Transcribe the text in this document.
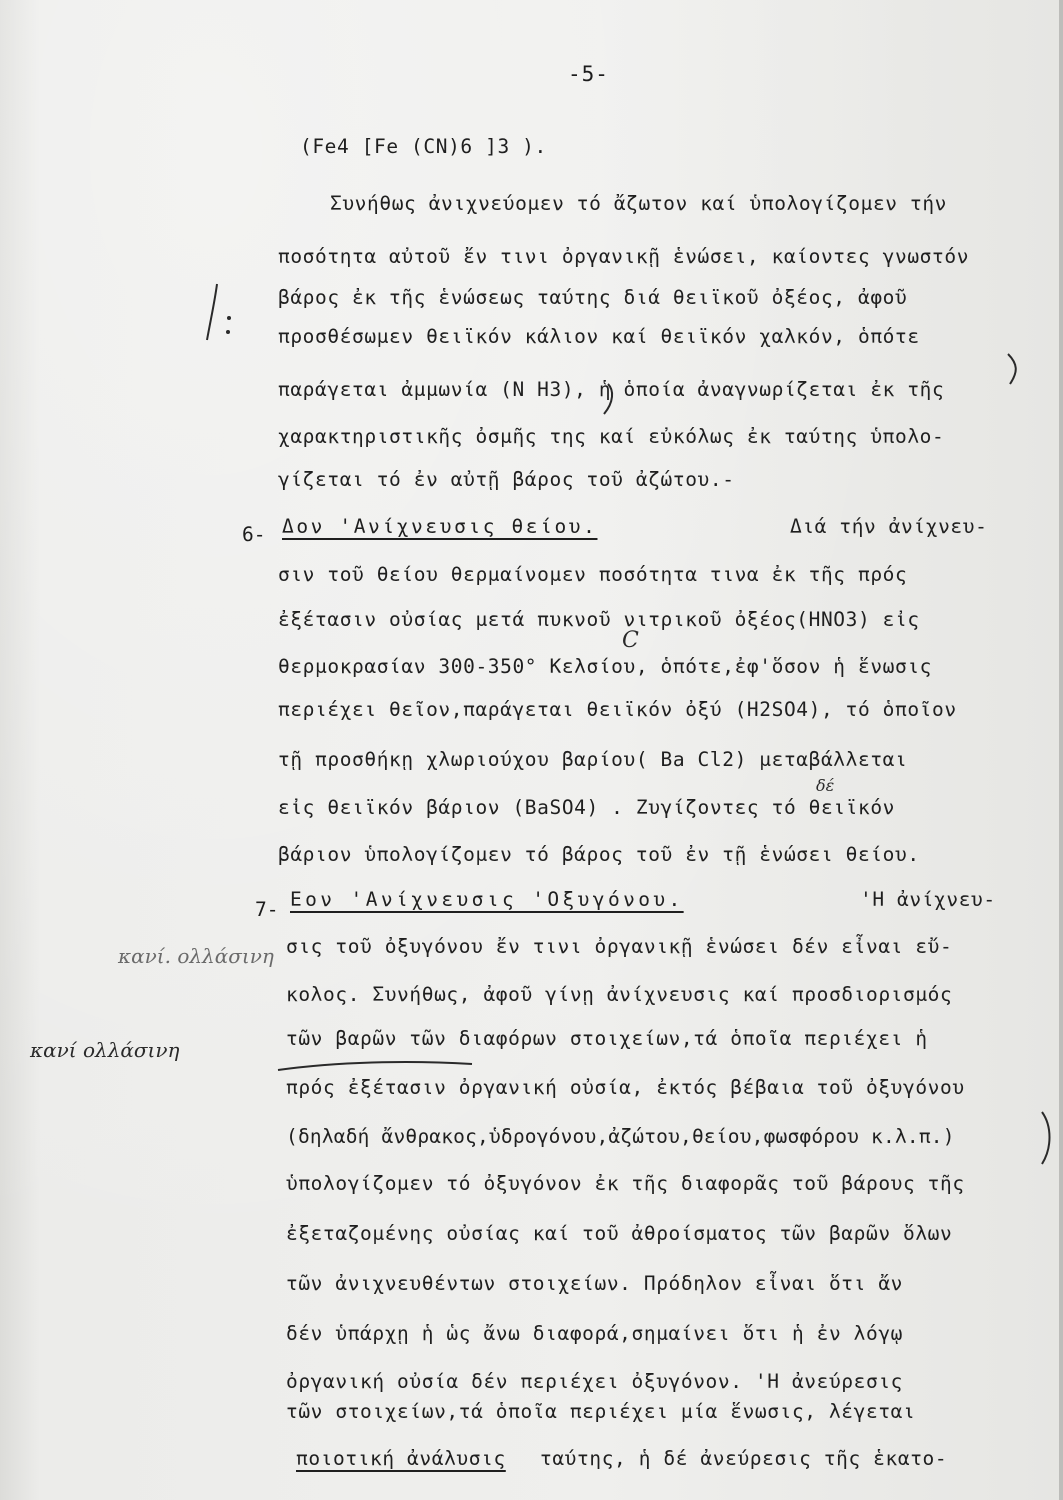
-5-
(Fe4 [Fe (CN)6 ]3 ).
Συνήθως ἀνιχνεύομεν τό ἄζωτον καί ὑπολογίζομεν τήν
ποσότητα αὐτοῦ ἔν τινι ὀργανικῇ ἑνώσει, καίοντες γνωστόν
βάρος ἐκ τῆς ἑνώσεως ταύτης διά θειϊκοῦ ὀξέος, ἀφοῦ
προσθέσωμεν θειϊκόν κάλιον καί θειϊκόν χαλκόν, ὁπότε
παράγεται ἀμμωνία (N H3), ἡ ὁποία ἀναγνωρίζεται ἐκ τῆς
χαρακτηριστικῆς ὀσμῆς της καί εὐκόλως ἐκ ταύτης ὑπολο-
γίζεται τό ἐν αὐτῇ βάρος τοῦ ἀζώτου.-
6- Δον 'Ανίχνευσις θείου.	Διά τήν ἀνίχνευ-
σιν τοῦ θείου θερμαίνομεν ποσότητα τινα ἐκ τῆς πρός
ἐξέτασιν οὐσίας μετά πυκνοῦ νιτρικοῦ ὀξέος(HNO3) εἰς
θερμοκρασίαν 300-350° Κελσίου, ὁπότε,ἐφ'ὅσον ἡ ἕνωσις
περιέχει θεῖον,παράγεται θειϊκόν ὀξύ (H2SO4), τό ὁποῖον
τῇ προσθήκῃ χλωριούχου βαρίου( Ba Cl2) μεταβάλλεται
εἰς θειϊκόν βάριον (BaSO4) . Ζυγίζοντες τό θειϊκόν
βάριον ὑπολογίζομεν τό βάρος τοῦ ἐν τῇ ἑνώσει θείου.
7- Εον 'Ανίχνευσις 'Οξυγόνου.	'Η ἀνίχνευ-
σις τοῦ ὀξυγόνου ἔν τινι ὀργανικῇ ἑνώσει δέν εἶναι εὔ-
κολος. Συνήθως, ἀφοῦ γίνῃ ἀνίχνευσις καί προσδιορισμός
τῶν βαρῶν τῶν διαφόρων στοιχείων,τά ὁποῖα περιέχει ἡ
πρός ἐξέτασιν ὀργανική οὐσία, ἐκτός βέβαια τοῦ ὀξυγόνου
(δηλαδή ἄνθρακος,ὑδρογόνου,ἀζώτου,θείου,φωσφόρου κ.λ.π.)
ὑπολογίζομεν τό ὀξυγόνον ἐκ τῆς διαφορᾶς τοῦ βάρους τῆς
ἐξεταζομένης οὐσίας καί τοῦ ἀθροίσματος τῶν βαρῶν ὅλων
τῶν ἀνιχνευθέντων στοιχείων. Πρόδηλον εἶναι ὅτι ἄν
δέν ὑπάρχῃ ἡ ὡς ἄνω διαφορά,σημαίνει ὅτι ἡ ἐν λόγῳ
ὀργανική οὐσία δέν περιέχει ὀξυγόνον. 'Η ἀνεύρεσις
τῶν στοιχείων,τά ὁποῖα περιέχει μία ἕνωσις, λέγεται
ποιοτική ἀνάλυσις ταύτης, ἡ δέ ἀνεύρεσις τῆς ἑκατο-
C
δέ
κανί. ολλάσινη
κανί ολλάσινη
